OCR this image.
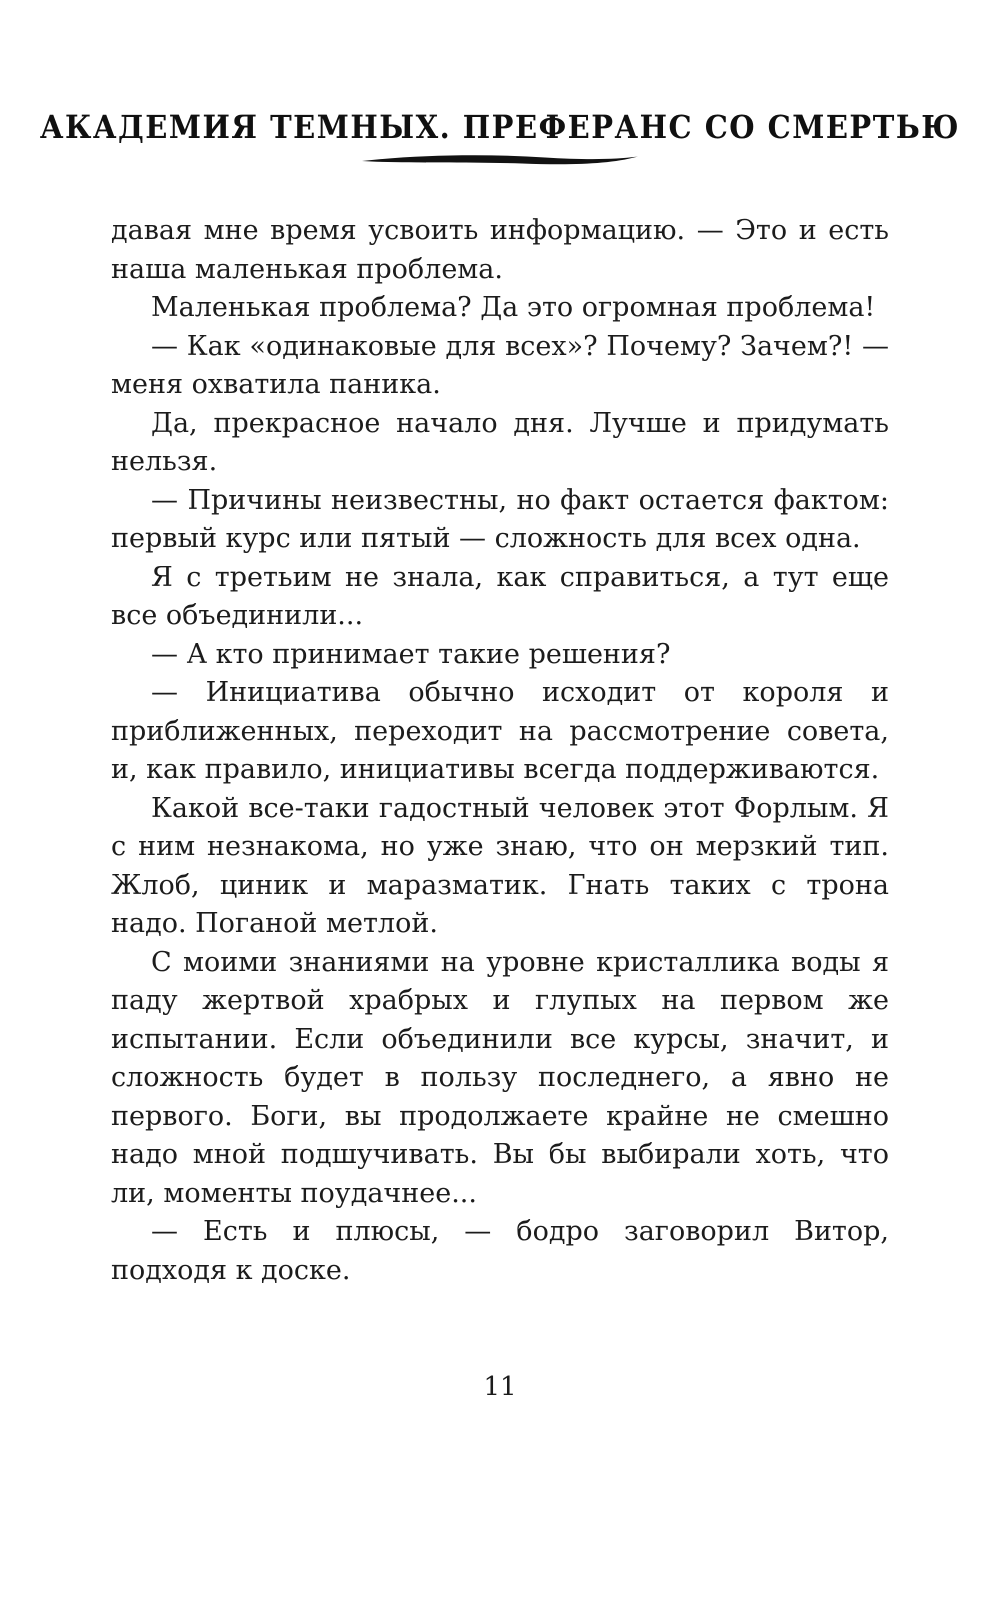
АКАДЕМИЯ ТЕМНЫХ. ПРЕФЕРАНС СО СМЕРТЬЮ

давая мне время усвоить информацию. — Это и есть наша маленькая проблема.

Маленькая проблема? Да это огромная проблема!

— Как «одинаковые для всех»? Почему? Зачем?! — меня охватила паника.

Да, прекрасное начало дня. Лучше и придумать нельзя.

— Причины неизвестны, но факт остается фактом: первый курс или пятый — сложность для всех одна.

Я с третьим не знала, как справиться, а тут еще все объединили...

— А кто принимает такие решения?

— Инициатива обычно исходит от короля и приближенных, переходит на рассмотрение совета, и, как правило, инициативы всегда поддерживаются.

Какой все-таки гадостный человек этот Форлым. Я с ним незнакома, но уже знаю, что он мерзкий тип. Жлоб, циник и маразматик. Гнать таких с трона надо. Поганой метлой.

С моими знаниями на уровне кристаллика воды я паду жертвой храбрых и глупых на первом же испытании. Если объединили все курсы, значит, и сложность будет в пользу последнего, а явно не первого. Боги, вы продолжаете крайне не смешно надо мной подшучивать. Вы бы выбирали хоть, что ли, моменты поудачнее...

— Есть и плюсы, — бодро заговорил Витор, подходя к доске.

11
